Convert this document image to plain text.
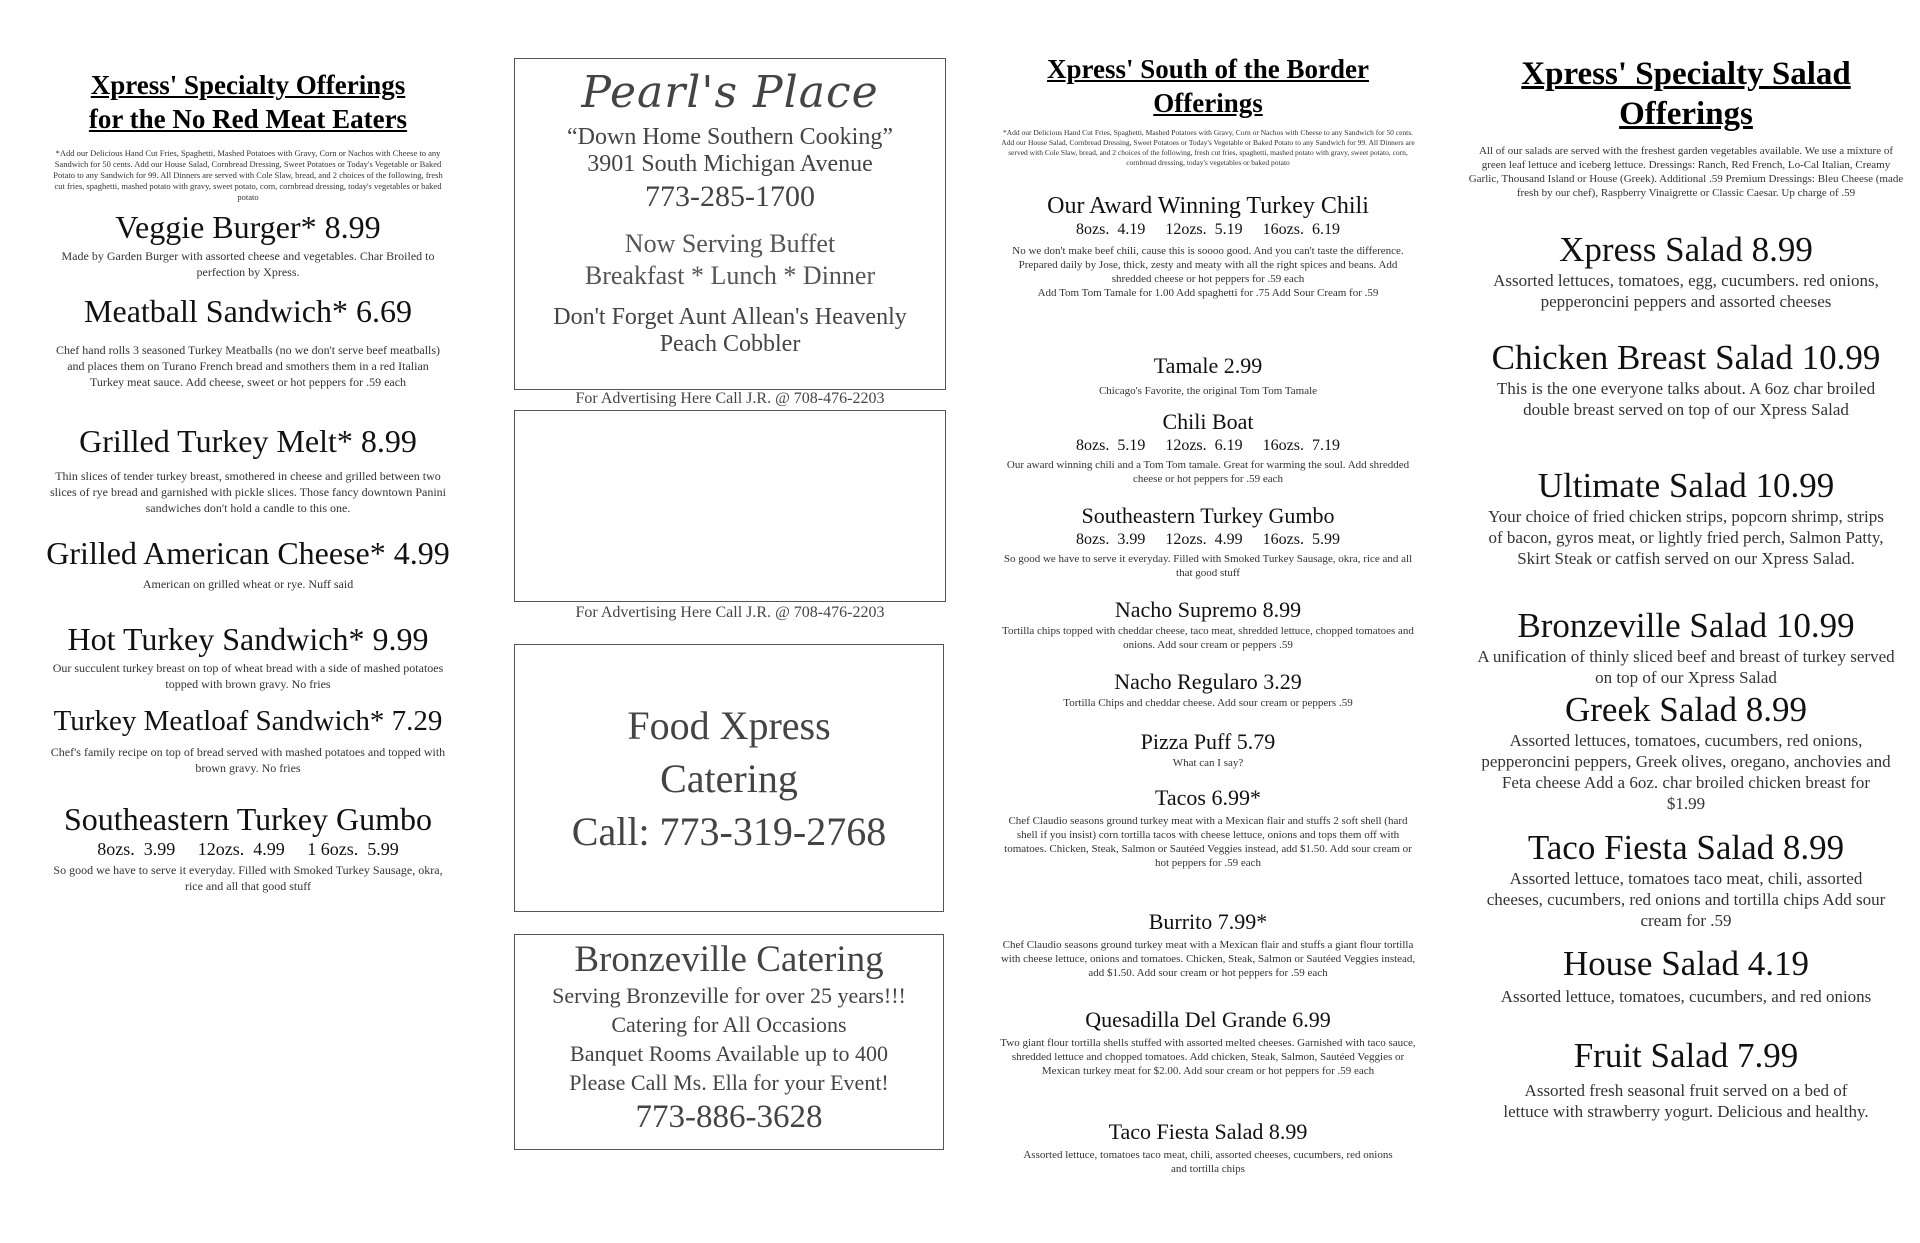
Xpress' Specialty Offerings

for the No Red Meat Eaters

*Add our Delicious Hand Cut Fries, Spaghetti, Mashed Potatoes with Gravy, Corn or Nachos with Cheese to any Sandwich for 50 cents. Add our House Salad, Cornbread Dressing, Sweet Potatoes or Today's Vegetable or Baked Potato to any Sandwich for 99. All Dinners are served with Cole Slaw, bread, and 2 choices of the following, fresh cut fries, spaghetti, mashed potato with gravy, sweet potato, corn, cornbread dressing, today's vegetables or baked potato

Veggie Burger* 8.99
Made by Garden Burger with assorted cheese and vegetables. Char Broiled to perfection by Xpress.
Meatball Sandwich* 6.69
Chef hand rolls 3 seasoned Turkey Meatballs (no we don't serve beef meatballs) and places them on Turano French bread and smothers them in a red Italian Turkey meat sauce. Add cheese, sweet or hot peppers for .59 each
Grilled Turkey Melt* 8.99
Thin slices of tender turkey breast, smothered in cheese and grilled between two slices of rye bread and garnished with pickle slices. Those fancy downtown Panini sandwiches don't hold a candle to this one.
Grilled American Cheese* 4.99
American on grilled wheat or rye. Nuff said
Hot Turkey Sandwich* 9.99
Our succulent turkey breast on top of wheat bread with a side of mashed potatoes topped with brown gravy. No fries
Turkey Meatloaf Sandwich* 7.29
Chef's family recipe on top of bread served with mashed potatoes and topped with brown gravy. No fries
Southeastern Turkey Gumbo
8ozs.  3.99     12ozs.  4.99     1 6ozs.  5.99
So good we have to serve it everyday. Filled with Smoked Turkey Sausage, okra, rice and all that good stuff
Pearl's Place
“Down Home Southern Cooking”
3901 South Michigan Avenue
773-285-1700
Now Serving Buffet
Breakfast * Lunch * Dinner
Don't Forget Aunt Allean's Heavenly
Peach Cobbler
For Advertising Here Call J.R. @ 708-476-2203
For Advertising Here Call J.R. @ 708-476-2203
Food Xpress
Catering
Call: 773-319-2768
Bronzeville Catering
Serving Bronzeville for over 25 years!!!
Catering for All Occasions
Banquet Rooms Available up to 400
Please Call Ms. Ella for your Event!
773-886-3628

Xpress' South of the Border

Offerings

*Add our Delicious Hand Cut Fries, Spaghetti, Mashed Potatoes with Gravy, Corn or Nachos with Cheese to any Sandwich for 50 cents. Add our House Salad, Cornbread Dressing, Sweet Potatoes or Today's Vegetable or Baked Potato to any Sandwich for 99. All Dinners are served with Cole Slaw, bread, and 2 choices of the following, fresh cut fries, spaghetti, mashed potato with gravy, sweet potato, corn, cornbread dressing, today's vegetables or baked potato

Our Award Winning Turkey Chili
8ozs.  4.19     12ozs.  5.19     16ozs.  6.19
No we don't make beef chili, cause this is soooo good. And you can't taste the difference. Prepared daily by Jose, thick, zesty and meaty with all the right spices and beans. Add shredded cheese or hot peppers for .59 each
Add Tom Tom Tamale for 1.00 Add spaghetti for .75 Add Sour Cream for .59
Tamale 2.99
Chicago's Favorite, the original Tom Tom Tamale
Chili Boat
8ozs.  5.19     12ozs.  6.19     16ozs.  7.19
Our award winning chili and a Tom Tom tamale. Great for warming the soul. Add shredded cheese or hot peppers for .59 each
Southeastern Turkey Gumbo
8ozs.  3.99     12ozs.  4.99     16ozs.  5.99
So good we have to serve it everyday. Filled with Smoked Turkey Sausage, okra, rice and all that good stuff
Nacho Supremo 8.99
Tortilla chips topped with cheddar cheese, taco meat, shredded lettuce, chopped tomatoes and onions. Add sour cream or peppers .59
Nacho Regularo 3.29
Tortilla Chips and cheddar cheese. Add sour cream or peppers .59
Pizza Puff 5.79
What can I say?
Tacos 6.99*
Chef Claudio seasons ground turkey meat with a Mexican flair and stuffs 2 soft shell (hard shell if you insist) corn tortilla tacos with cheese lettuce, onions and tops them off with tomatoes. Chicken, Steak, Salmon or Sautéed Veggies instead, add $1.50. Add sour cream or hot peppers for .59 each
Burrito 7.99*
Chef Claudio seasons ground turkey meat with a Mexican flair and stuffs a giant flour tortilla with cheese lettuce, onions and tomatoes. Chicken, Steak, Salmon or Sautéed Veggies instead, add $1.50. Add sour cream or hot peppers for .59 each
Quesadilla Del Grande 6.99
Two giant flour tortilla shells stuffed with assorted melted cheeses. Garnished with taco sauce, shredded lettuce and chopped tomatoes. Add chicken, Steak, Salmon, Sautéed Veggies or Mexican turkey meat for $2.00. Add sour cream or hot peppers for .59 each
Taco Fiesta Salad 8.99
Assorted lettuce, tomatoes taco meat, chili, assorted cheeses, cucumbers, red onions and tortilla chips

Xpress' Specialty Salad

Offerings

All of our salads are served with the freshest garden vegetables available. We use a mixture of green leaf lettuce and iceberg lettuce. Dressings: Ranch, Red French, Lo-Cal Italian, Creamy Garlic, Thousand Island or House (Greek). Additional .59 Premium Dressings: Bleu Cheese (made fresh by our chef), Raspberry Vinaigrette or Classic Caesar. Up charge of .59

Xpress Salad 8.99
Assorted lettuces, tomatoes, egg, cucumbers. red onions, pepperoncini peppers and assorted cheeses
Chicken Breast Salad 10.99
This is the one everyone talks about. A 6oz char broiled double breast served on top of our Xpress Salad
Ultimate Salad 10.99
Your choice of fried chicken strips, popcorn shrimp, strips of bacon, gyros meat, or lightly fried perch, Salmon Patty, Skirt Steak or catfish served on our Xpress Salad.
Bronzeville Salad 10.99
A unification of thinly sliced beef and breast of turkey served on top of our Xpress Salad
Greek Salad 8.99
Assorted lettuces, tomatoes, cucumbers, red onions, pepperoncini peppers, Greek olives, oregano, anchovies and Feta cheese Add a 6oz. char broiled chicken breast for $1.99
Taco Fiesta Salad 8.99
Assorted lettuce, tomatoes taco meat, chili, assorted cheeses, cucumbers, red onions and tortilla chips Add sour cream for .59
House Salad 4.19
Assorted lettuce, tomatoes, cucumbers, and red onions
Fruit Salad 7.99
Assorted fresh seasonal fruit served on a bed of lettuce with strawberry yogurt. Delicious and healthy.
